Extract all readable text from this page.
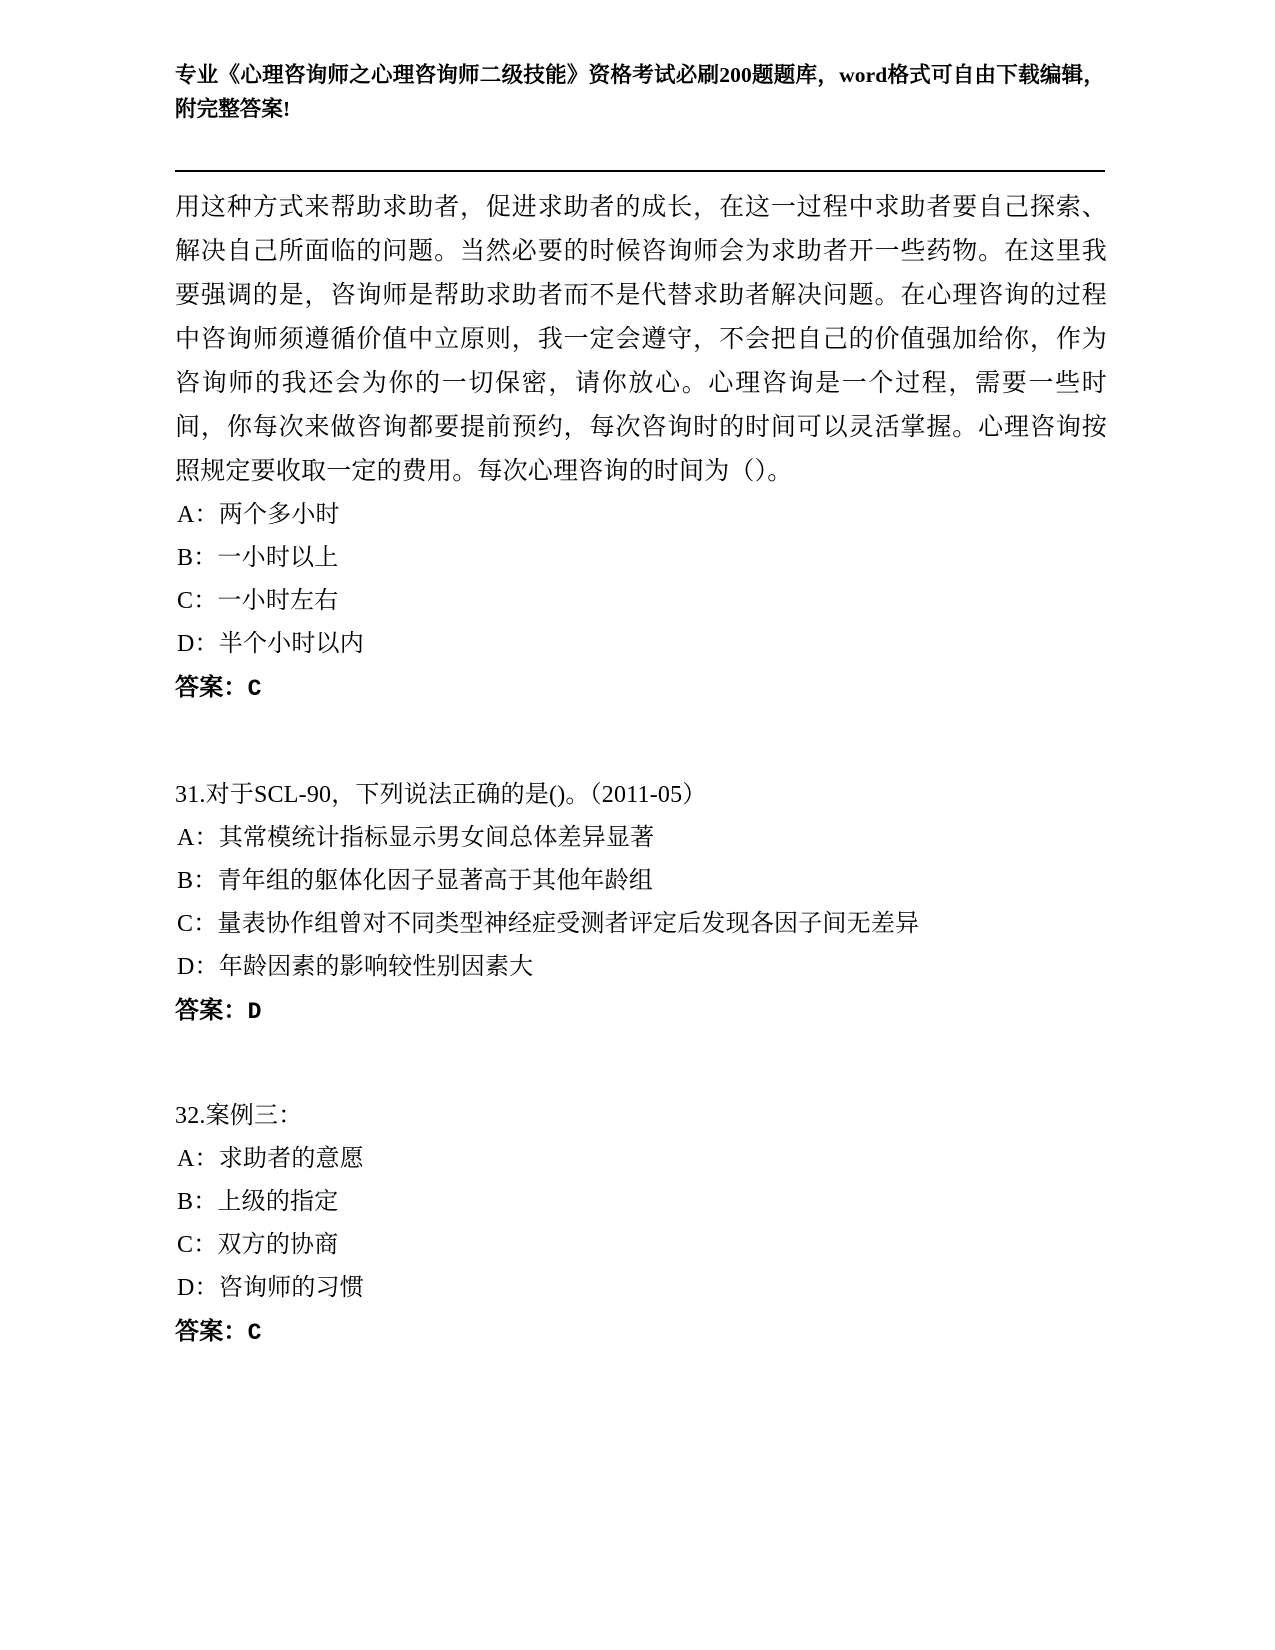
专业《心理咨询师之心理咨询师二级技能》资格考试必刷200题题库，word格式可自由下载编辑，附完整答案!

用这种方式来帮助求助者，促进求助者的成长，在这一过程中求助者要自己探索、解决自己所面临的问题。当然必要的时候咨询师会为求助者开一些药物。在这里我要强调的是，咨询师是帮助求助者而不是代替求助者解决问题。在心理咨询的过程中咨询师须遵循价值中立原则，我一定会遵守，不会把自己的价值强加给你，作为咨询师的我还会为你的一切保密，请你放心。心理咨询是一个过程，需要一些时间，你每次来做咨询都要提前预约，每次咨询时的时间可以灵活掌握。心理咨询按照规定要收取一定的费用。每次心理咨询的时间为（）。

A：两个多小时

B：一小时以上

C：一小时左右

D：半个小时以内

答案：C

31.对于SCL-90，下列说法正确的是()。（2011-05）

A：其常模统计指标显示男女间总体差异显著

B：青年组的躯体化因子显著高于其他年龄组

C：量表协作组曾对不同类型神经症受测者评定后发现各因子间无差异

D：年龄因素的影响较性别因素大

答案：D

32.案例三：

A：求助者的意愿

B：上级的指定

C：双方的协商

D：咨询师的习惯

答案：C
